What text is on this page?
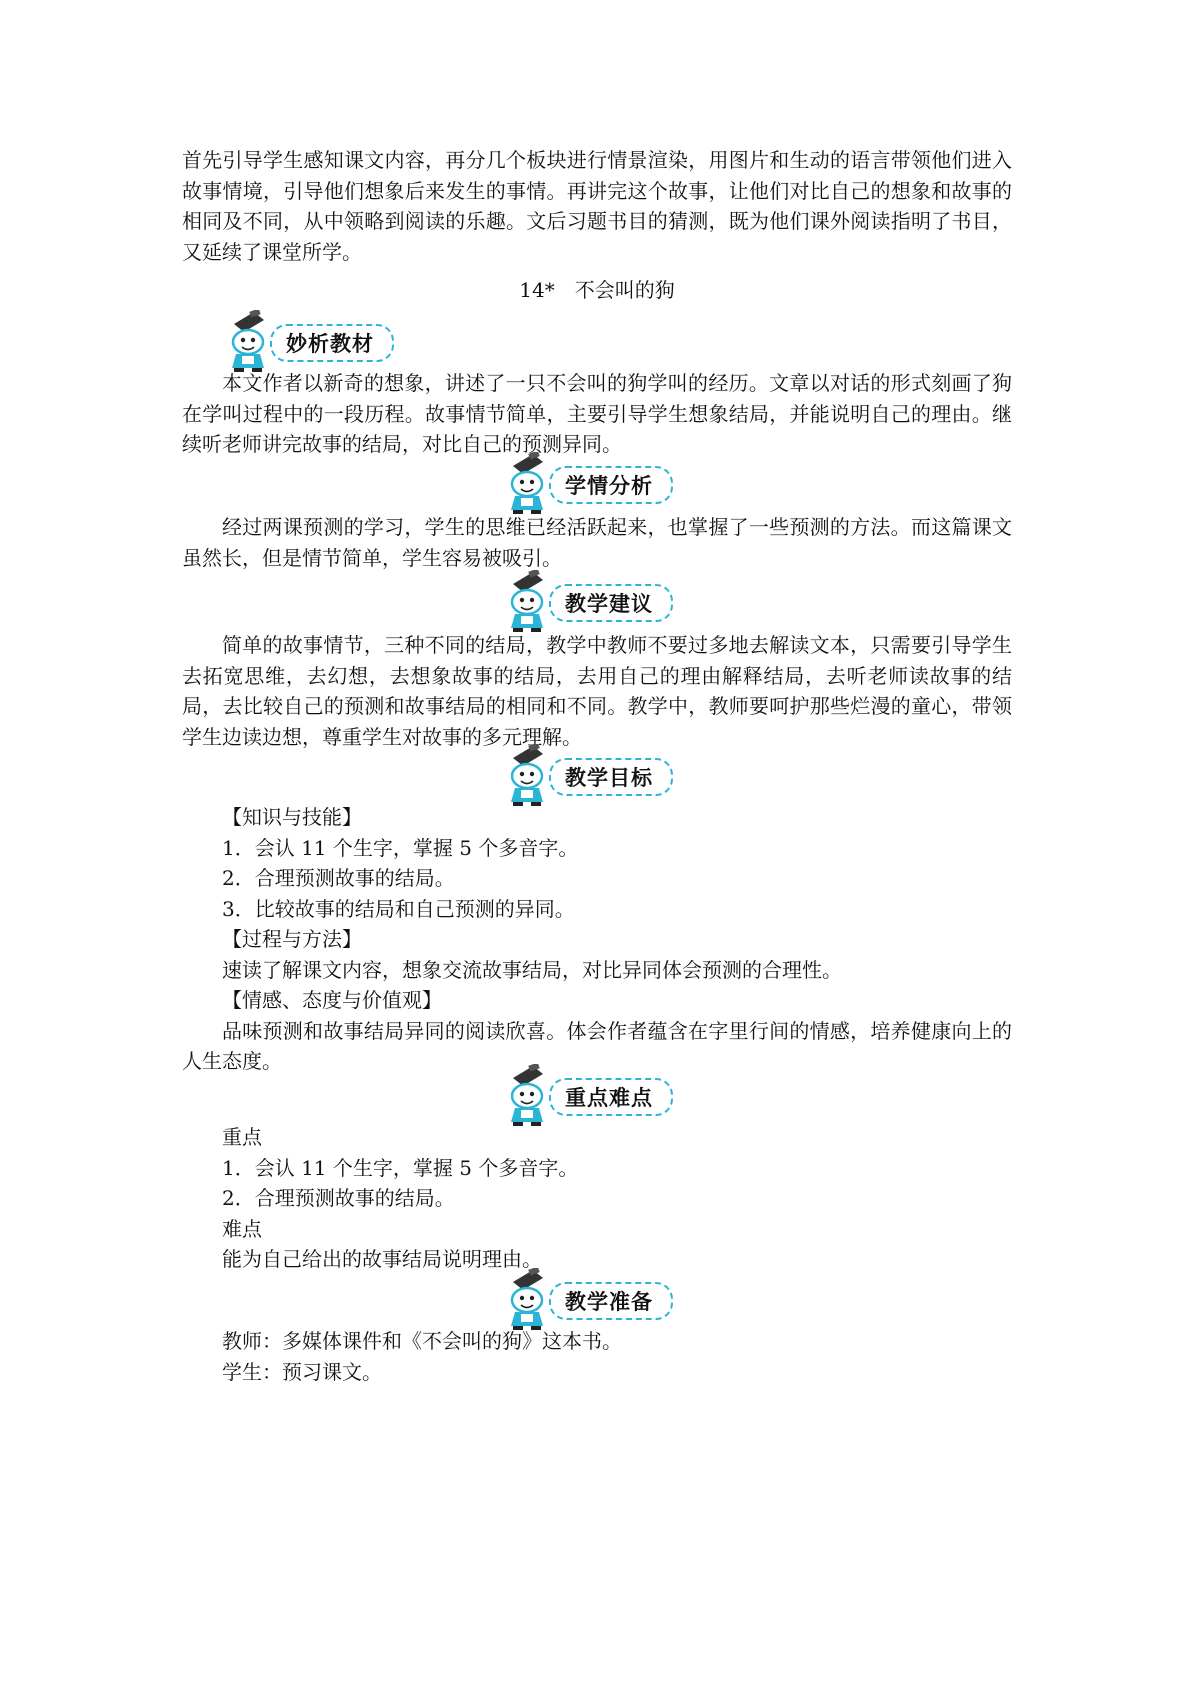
首先引导学生感知课文内容，再分几个板块进行情景渲染，用图片和生动的语言带领他们进入故事情境，引导他们想象后来发生的事情。再讲完这个故事，让他们对比自己的想象和故事的相同及不同，从中领略到阅读的乐趣。文后习题书目的猜测，既为他们课外阅读指明了书目，又延续了课堂所学。

14*　不会叫的狗
妙析教材

本文作者以新奇的想象，讲述了一只不会叫的狗学叫的经历。文章以对话的形式刻画了狗在学叫过程中的一段历程。故事情节简单，主要引导学生想象结局，并能说明自己的理由。继续听老师讲完故事的结局，对比自己的预测异同。

学情分析

经过两课预测的学习，学生的思维已经活跃起来，也掌握了一些预测的方法。而这篇课文虽然长，但是情节简单，学生容易被吸引。

教学建议

简单的故事情节，三种不同的结局，教学中教师不要过多地去解读文本，只需要引导学生去拓宽思维，去幻想，去想象故事的结局，去用自己的理由解释结局，去听老师读故事的结局，去比较自己的预测和故事结局的相同和不同。教学中，教师要呵护那些烂漫的童心，带领学生边读边想，尊重学生对故事的多元理解。

教学目标

【知识与技能】

1．会认 11 个生字，掌握 5 个多音字。

2．合理预测故事的结局。

3．比较故事的结局和自己预测的异同。

【过程与方法】

速读了解课文内容，想象交流故事结局，对比异同体会预测的合理性。

【情感、态度与价值观】

品味预测和故事结局异同的阅读欣喜。体会作者蕴含在字里行间的情感，培养健康向上的人生态度。

重点难点

重点

1．会认 11 个生字，掌握 5 个多音字。

2．合理预测故事的结局。

难点

能为自己给出的故事结局说明理由。

教学准备

教师：多媒体课件和《不会叫的狗》这本书。

学生：预习课文。
